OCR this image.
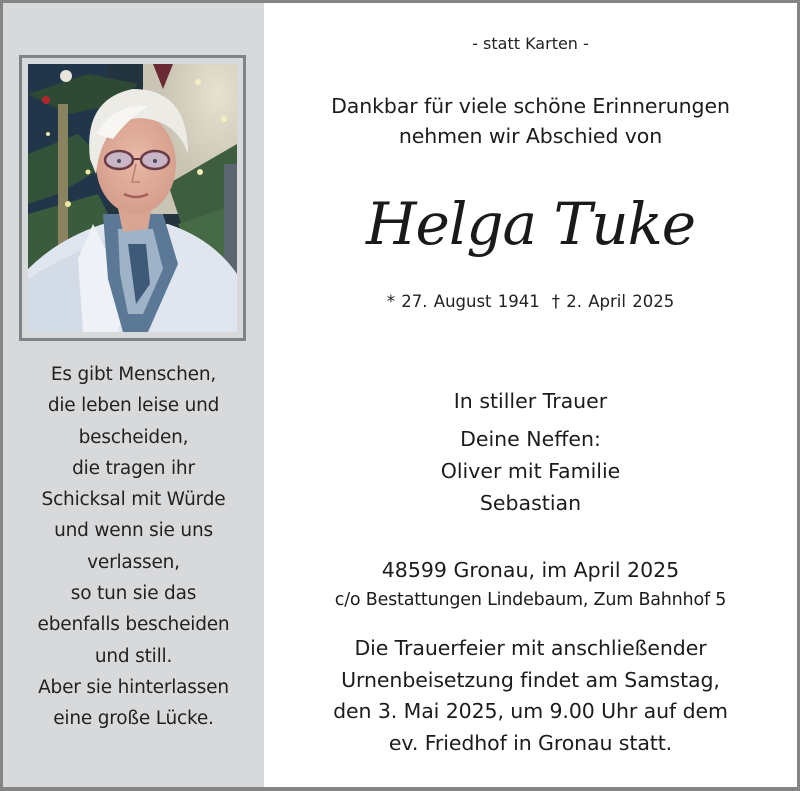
Es gibt Menschen,
die leben leise und
bescheiden,
die tragen ihr
Schicksal mit Würde
und wenn sie uns
verlassen,
so tun sie das
ebenfalls bescheiden
und still.
Aber sie hinterlassen
eine große Lücke.
- statt Karten -
Dankbar für viele schöne Erinnerungen
nehmen wir Abschied von
Helga Tuke
* 27. August 1941 † 2. April 2025
In stiller Trauer
Deine Neffen:
Oliver mit Familie
Sebastian
48599 Gronau, im April 2025
c/o Bestattungen Lindebaum, Zum Bahnhof 5
Die Trauerfeier mit anschließender
Urnenbeisetzung findet am Samstag,
den 3. Mai 2025, um 9.00 Uhr auf dem
ev. Friedhof in Gronau statt.
